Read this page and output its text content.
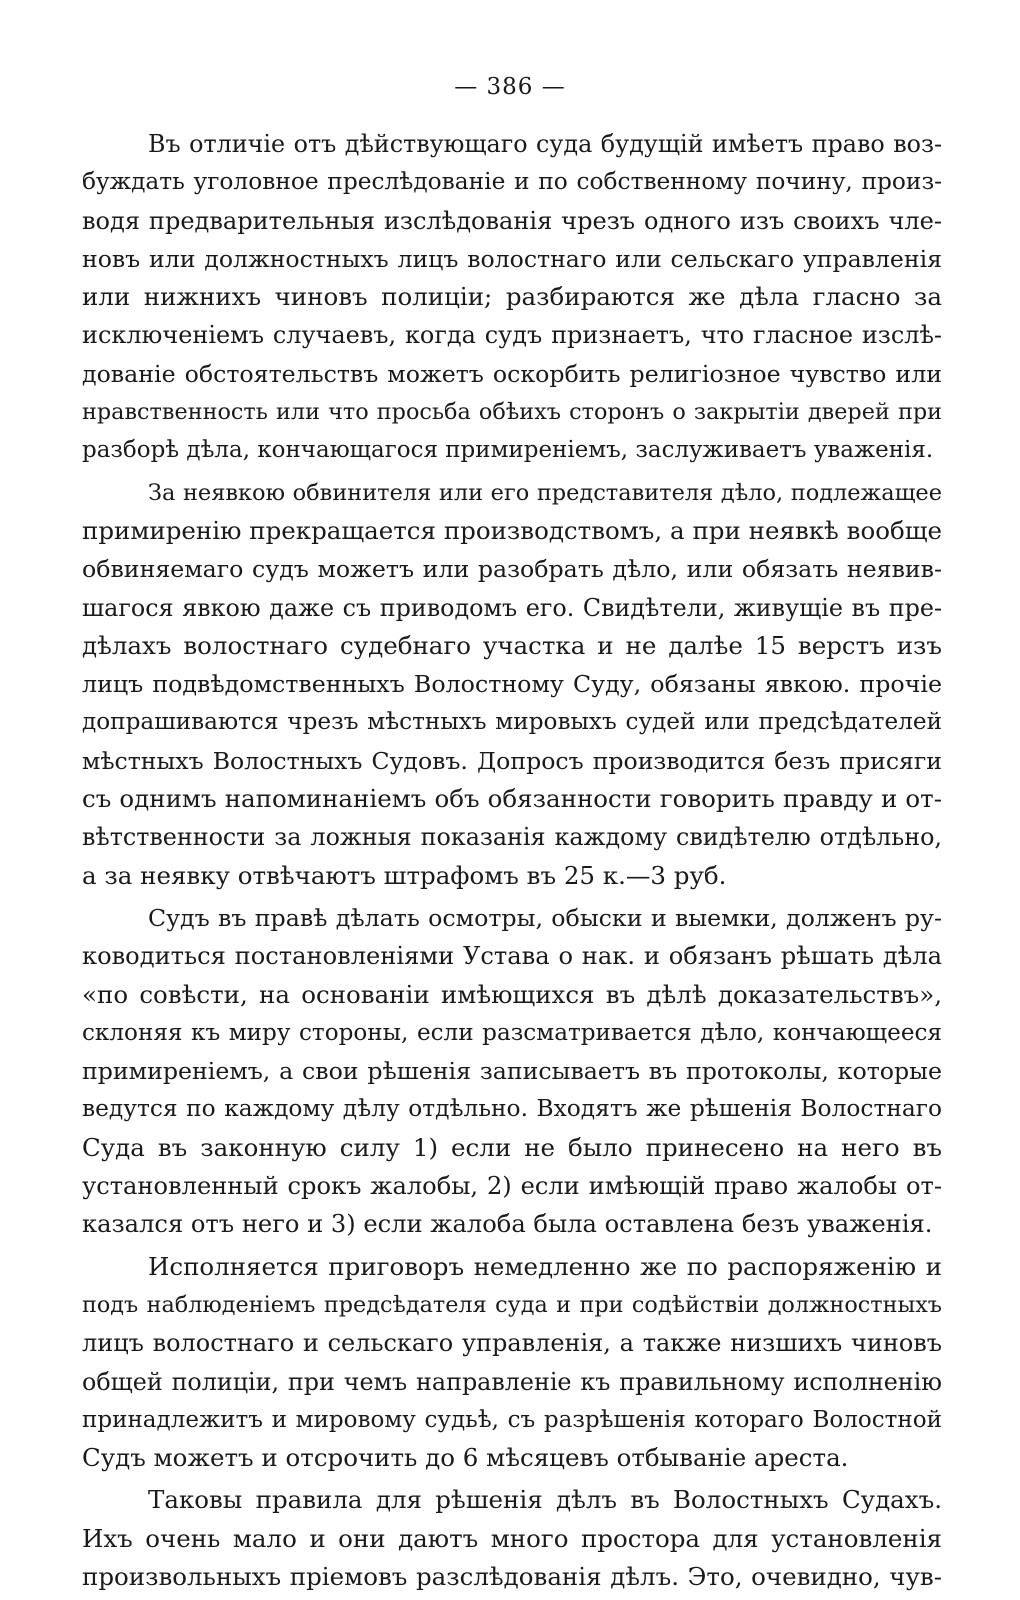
— 386 —
Въ отличіе отъ дѣйствующаго суда будущій имѣетъ право воз-
буждать уголовное преслѣдованіе и по собственному почину, произ-
водя предварительныя изслѣдованія чрезъ одного изъ своихъ чле-
новъ или должностныхъ лицъ волостнаго или сельскаго управленія
или нижнихъ чиновъ полиціи; разбираются же дѣла гласно за
исключеніемъ случаевъ, когда судъ признаетъ, что гласное изслѣ-
дованіе обстоятельствъ можетъ оскорбить религіозное чувство или
нравственность или что просьба обѣихъ сторонъ о закрытіи дверей при
разборѣ дѣла, кончающагося примиреніемъ, заслуживаетъ уваженія.
За неявкою обвинителя или его представителя дѣло, подлежащее
примиренію прекращается производствомъ, а при неявкѣ вообще
обвиняемаго судъ можетъ или разобрать дѣло, или обязать неявив-
шагося явкою даже съ приводомъ его. Свидѣтели, живущіе въ пре-
дѣлахъ волостнаго судебнаго участка и не далѣе 15 верстъ изъ
лицъ подвѣдомственныхъ Волостному Суду, обязаны явкою. прочіе
допрашиваются чрезъ мѣстныхъ мировыхъ судей или предсѣдателей
мѣстныхъ Волостныхъ Судовъ. Допросъ производится безъ присяги
съ однимъ напоминаніемъ объ обязанности говорить правду и от-
вѣтственности за ложныя показанія каждому свидѣтелю отдѣльно,
а за неявку отвѣчаютъ штрафомъ въ 25 к.—3 руб.
Судъ въ правѣ дѣлать осмотры, обыски и выемки, долженъ ру-
ководиться постановленіями Устава о нак. и обязанъ рѣшать дѣла
«по совѣсти, на основаніи имѣющихся въ дѣлѣ доказательствъ»,
склоняя къ миру стороны, если разсматривается дѣло, кончающееся
примиреніемъ, а свои рѣшенія записываетъ въ протоколы, которые
ведутся по каждому дѣлу отдѣльно. Входятъ же рѣшенія Волостнаго
Суда въ законную силу 1) если не было принесено на него въ
установленный срокъ жалобы, 2) если имѣющій право жалобы от-
казался отъ него и 3) если жалоба была оставлена безъ уваженія.
Исполняется приговоръ немедленно же по распоряженію и
подъ наблюденіемъ предсѣдателя суда и при содѣйствіи должностныхъ
лицъ волостнаго и сельскаго управленія, а также низшихъ чиновъ
общей полиціи, при чемъ направленіе къ правильному исполненію
принадлежитъ и мировому судьѣ, съ разрѣшенія котораго Волостной
Судъ можетъ и отсрочить до 6 мѣсяцевъ отбываніе ареста.
Таковы правила для рѣшенія дѣлъ въ Волостныхъ Судахъ.
Ихъ очень мало и они даютъ много простора для установленія
произвольныхъ пріемовъ разслѣдованія дѣлъ. Это, очевидно, чув-
